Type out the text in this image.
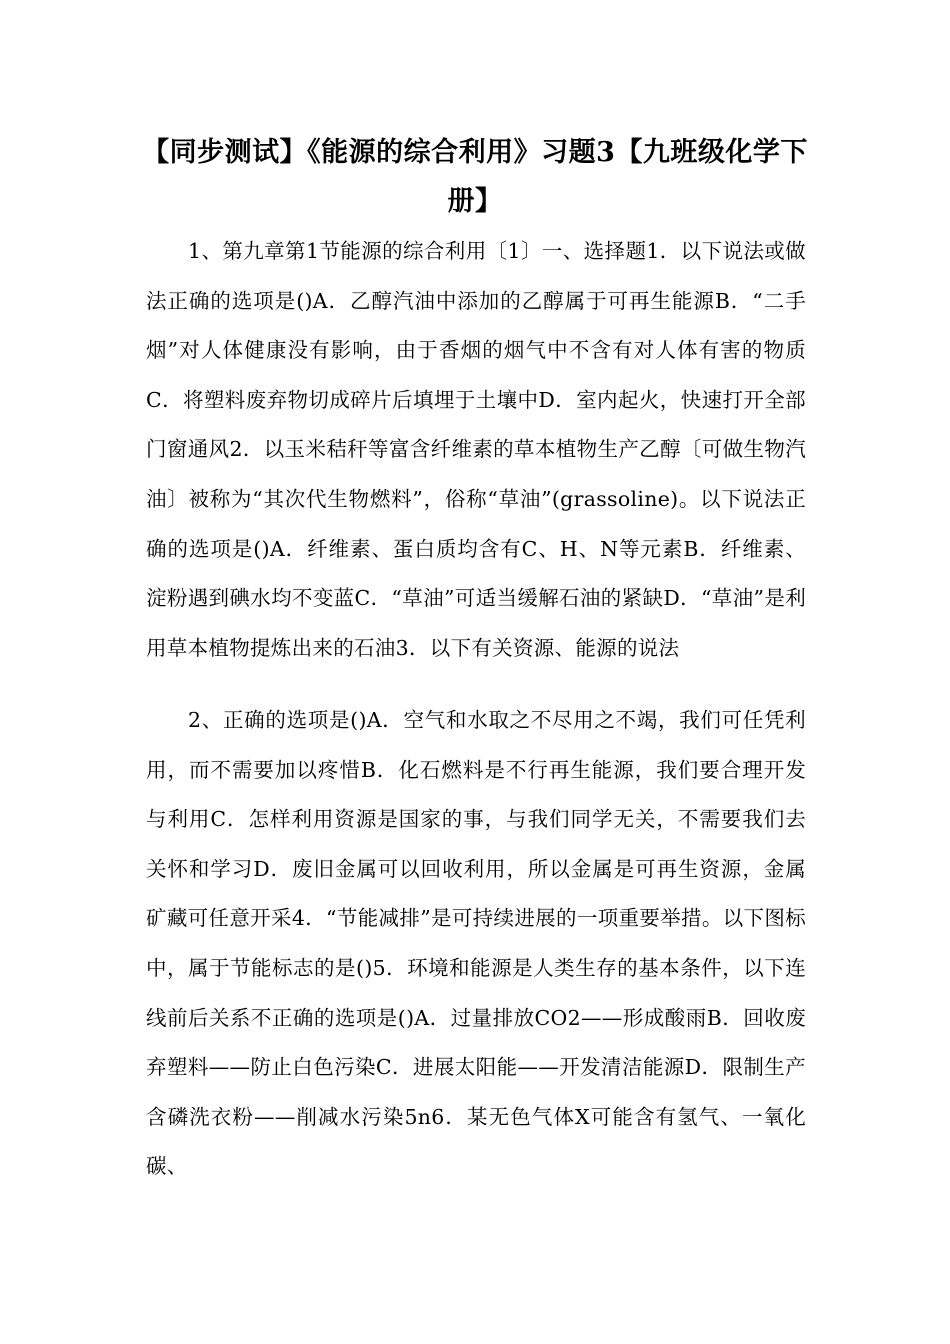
【同步测试】《能源的综合利用》习题3【九班级化学下册】
1、第九章第1节能源的综合利用〔1〕一、选择题1．以下说法或做法正确的选项是()A．乙醇汽油中添加的乙醇属于可再生能源B．“二手烟”对人体健康没有影响，由于香烟的烟气中不含有对人体有害的物质C．将塑料废弃物切成碎片后填埋于土壤中D．室内起火，快速打开全部门窗通风2．以玉米秸秆等富含纤维素的草本植物生产乙醇〔可做生物汽油〕被称为“其次代生物燃料”，俗称“草油”(grassoline)。以下说法正确的选项是()A．纤维素、蛋白质均含有C、H、N等元素B．纤维素、淀粉遇到碘水均不变蓝C．“草油”可适当缓解石油的紧缺D．“草油”是利用草本植物提炼出来的石油3．以下有关资源、能源的说法
2、正确的选项是()A．空气和水取之不尽用之不竭，我们可任凭利用，而不需要加以疼惜B．化石燃料是不行再生能源，我们要合理开发与利用C．怎样利用资源是国家的事，与我们同学无关，不需要我们去关怀和学习D．废旧金属可以回收利用，所以金属是可再生资源，金属矿藏可任意开采4．“节能减排”是可持续进展的一项重要举措。以下图标中，属于节能标志的是()5．环境和能源是人类生存的基本条件，以下连线前后关系不正确的选项是()A．过量排放CO2——形成酸雨B．回收废弃塑料——防止白色污染C．进展太阳能——开发清洁能源D．限制生产含磷洗衣粉——削减水污染5n6．某无色气体X可能含有氢气、一氧化碳、
